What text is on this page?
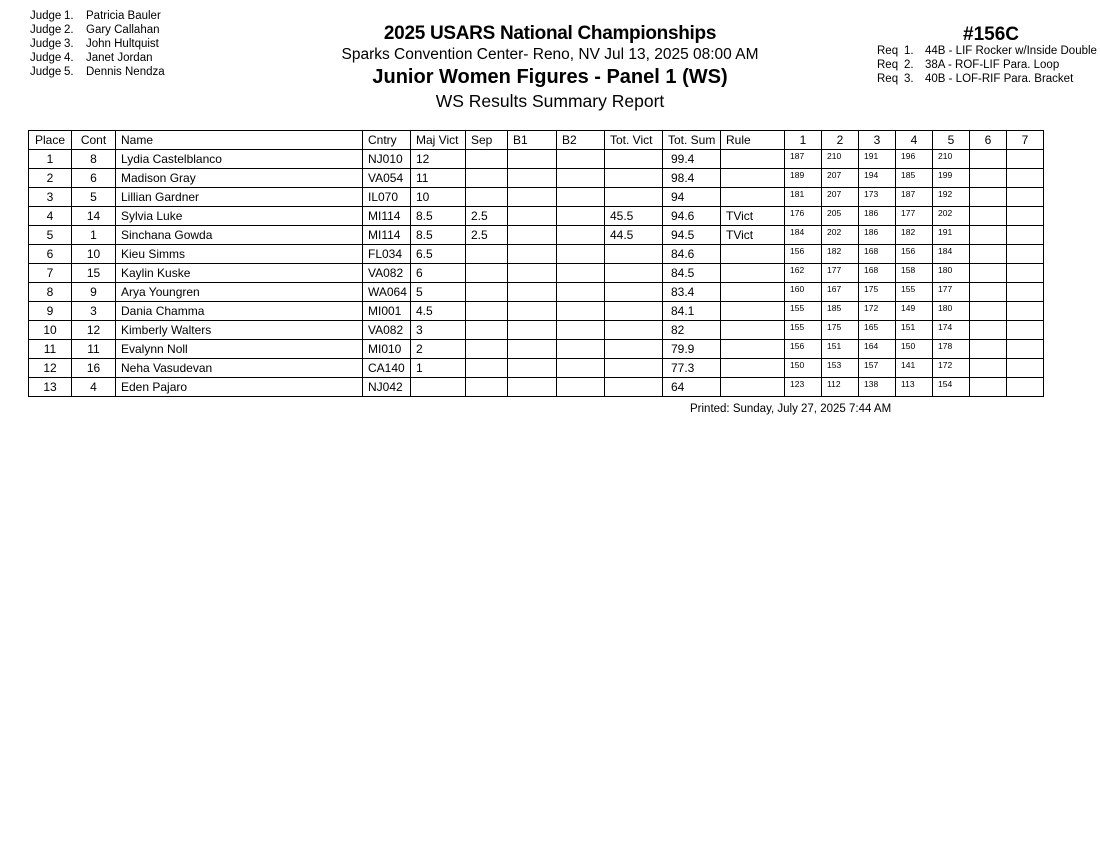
Judge 1. Patricia Bauler
Judge 2. Gary Callahan
Judge 3. John Hultquist
Judge 4. Janet Jordan
Judge 5. Dennis Nendza
2025 USARS National Championships
Sparks Convention Center- Reno, NV Jul 13, 2025 08:00 AM
Junior Women Figures - Panel 1 (WS)
WS Results Summary Report
#156C
Req 1. 44B - LIF Rocker w/Inside Double
Req 2. 38A - ROF-LIF Para. Loop
Req 3. 40B - LOF-RIF Para. Bracket
Place	Cont	Name	Cntry	Maj Vict	Sep	B1	B2	Tot. Vict	Tot. Sum	Rule	1	2	3	4	5	6	7
1	8	Lydia Castelblanco	NJ010	12					99.4		187	210	191	196	210		
2	6	Madison Gray	VA054	11					98.4		189	207	194	185	199		
3	5	Lillian Gardner	IL070	10					94		181	207	173	187	192		
4	14	Sylvia Luke	MI114	8.5	2.5			45.5	94.6	TVict	176	205	186	177	202		
5	1	Sinchana Gowda	MI114	8.5	2.5			44.5	94.5	TVict	184	202	186	182	191		
6	10	Kieu Simms	FL034	6.5					84.6		156	182	168	156	184		
7	15	Kaylin Kuske	VA082	6					84.5		162	177	168	158	180		
8	9	Arya Youngren	WA064	5					83.4		160	167	175	155	177		
9	3	Dania Chamma	MI001	4.5					84.1		155	185	172	149	180		
10	12	Kimberly Walters	VA082	3					82		155	175	165	151	174		
11	11	Evalynn Noll	MI010	2					79.9		156	151	164	150	178		
12	16	Neha Vasudevan	CA140	1					77.3		150	153	157	141	172		
13	4	Eden Pajaro	NJ042						64		123	112	138	113	154		
Printed: Sunday, July 27, 2025 7:44 AM
